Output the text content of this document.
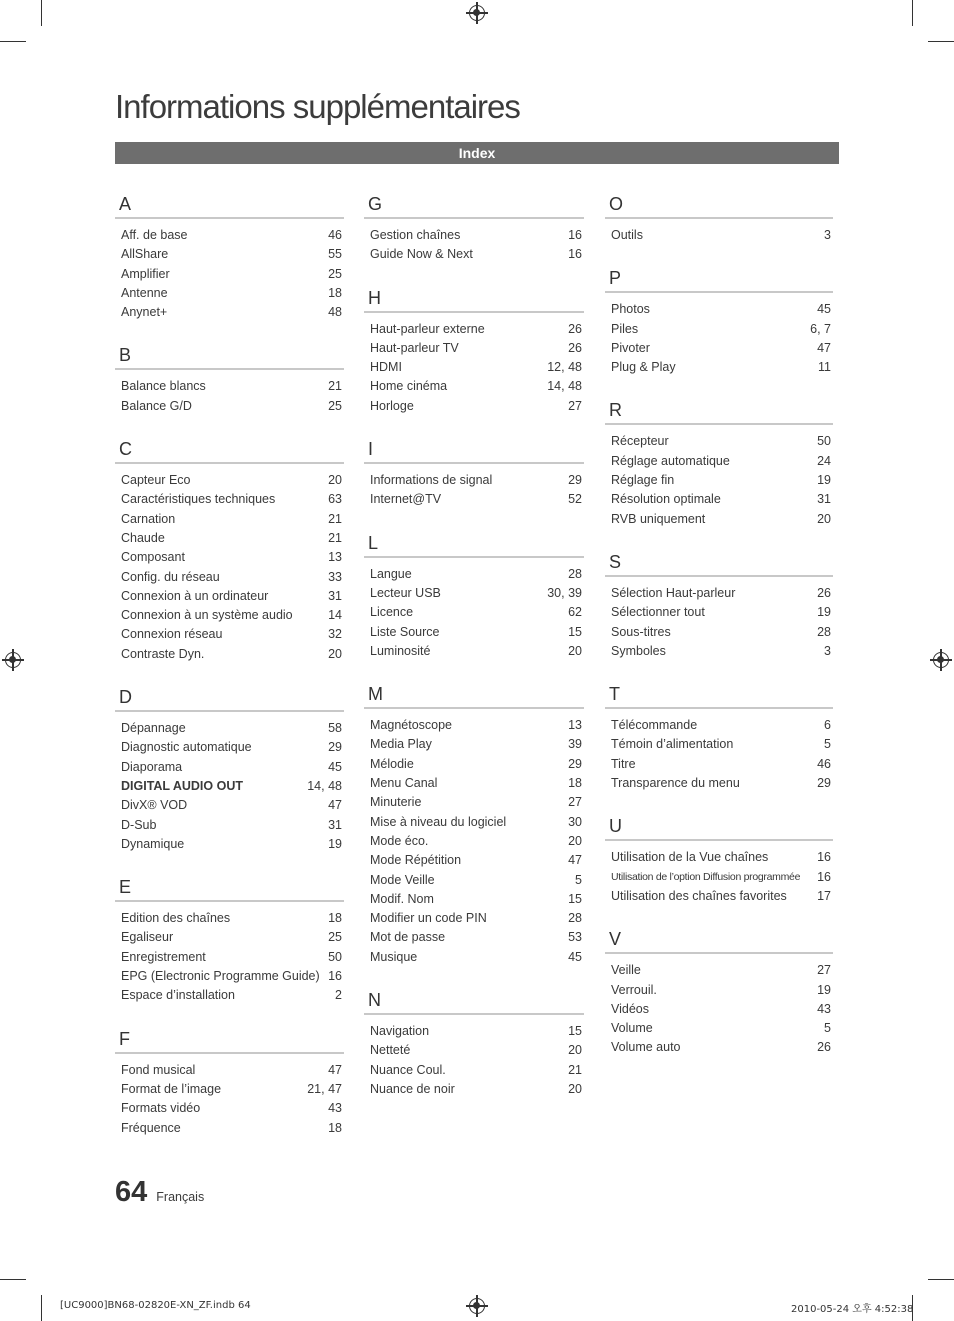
Informations supplémentaires
Index
A
Aff. de base	46
AllShare	55
Amplifier	25
Antenne	18
Anynet+	48
B
Balance blancs	21
Balance G/D	25
C
Capteur Eco	20
Caractéristiques techniques	63
Carnation	21
Chaude	21
Composant	13
Config. du réseau	33
Connexion à un ordinateur	31
Connexion à un système audio	14
Connexion réseau	32
Contraste Dyn.	20
D
Dépannage	58
Diagnostic automatique	29
Diaporama	45
DIGITAL AUDIO OUT	14, 48
DivX® VOD	47
D-Sub	31
Dynamique	19
E
Edition des chaînes	18
Egaliseur	25
Enregistrement	50
EPG (Electronic Programme Guide) 16
Espace d’installation	2
F
Fond musical	47
Format de l’image	21, 47
Formats vidéo	43
Fréquence	18
G
Gestion chaînes	16
Guide Now & Next	16
H
Haut-parleur externe	26
Haut-parleur TV	26
HDMI	12, 48
Home cinéma	14, 48
Horloge	27
I
Informations de signal	29
Internet@TV	52
L
Langue	28
Lecteur USB	30, 39
Licence	62
Liste Source	15
Luminosité	20
M
Magnétoscope	13
Media Play	39
Mélodie	29
Menu Canal	18
Minuterie	27
Mise à niveau du logiciel	30
Mode éco.	20
Mode Répétition	47
Mode Veille	5
Modif. Nom	15
Modifier un code PIN	28
Mot de passe	53
Musique	45
N
Navigation	15
Netteté	20
Nuance Coul.	21
Nuance de noir	20
O
Outils	3
P
Photos	45
Piles	6, 7
Pivoter	47
Plug & Play	11
R
Récepteur	50
Réglage automatique	24
Réglage fin	19
Résolution optimale	31
RVB uniquement	20
S
Sélection Haut-parleur	26
Sélectionner tout	19
Sous-titres	28
Symboles	3
T
Télécommande	6
Témoin d’alimentation	5
Titre	46
Transparence du menu	29
U
Utilisation de la Vue chaînes	16
Utilisation de l’option Diffusion programmée 16
Utilisation des chaînes favorites 17
V
Veille	27
Verrouil.	19
Vidéos	43
Volume	5
Volume auto	26
64 Français
[UC9000]BN68-02820E-XN_ZF.indb 64	2010-05-24 오후 4:52:38
